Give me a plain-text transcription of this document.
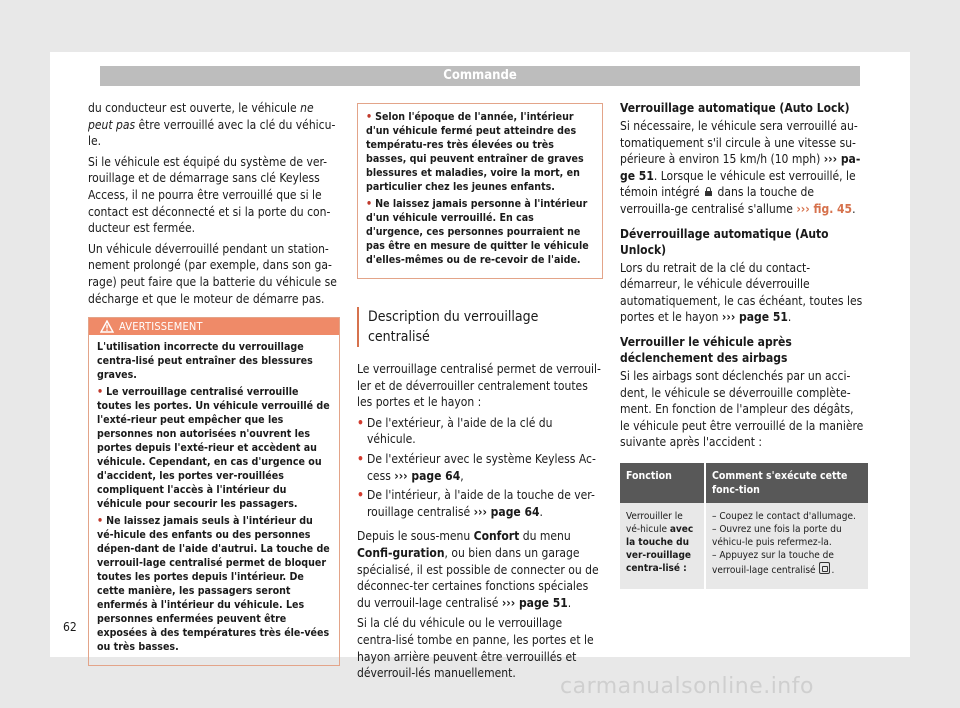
Commande

du conducteur est ouverte, le véhicule ne peut pas être verrouillé avec la clé du véhicu-le.

Si le véhicule est équipé du système de ver-rouillage et de démarrage sans clé Keyless Access, il ne pourra être verrouillé que si le contact est déconnecté et si la porte du con-ducteur est fermée.

Un véhicule déverrouillé pendant un station-nement prolongé (par exemple, dans son ga-rage) peut faire que la batterie du véhicule se décharge et que le moteur de démarre pas.

AVERTISSEMENT

L'utilisation incorrecte du verrouillage centra-lisé peut entraîner des blessures graves.

• Le verrouillage centralisé verrouille toutes les portes. Un véhicule verrouillé de l'exté-rieur peut empêcher que les personnes non autorisées n'ouvrent les portes depuis l'exté-rieur et accèdent au véhicule. Cependant, en cas d'urgence ou d'accident, les portes ver-rouillées compliquent l'accès à l'intérieur du véhicule pour secourir les passagers.

• Ne laissez jamais seuls à l'intérieur du vé-hicule des enfants ou des personnes dépen-dant de l'aide d'autrui. La touche de verrouil-lage centralisé permet de bloquer toutes les portes depuis l'intérieur. De cette manière, les passagers seront enfermés à l'intérieur du véhicule. Les personnes enfermées peuvent être exposées à des températures très éle-vées ou très basses.

• Selon l'époque de l'année, l'intérieur d'un véhicule fermé peut atteindre des températu-res très élevées ou très basses, qui peuvent entraîner de graves blessures et maladies, voire la mort, en particulier chez les jeunes enfants.

• Ne laissez jamais personne à l'intérieur d'un véhicule verrouillé. En cas d'urgence, ces personnes pourraient ne pas être en mesure de quitter le véhicule d'elles-mêmes ou de re-cevoir de l'aide.

Description du verrouillage centralisé

Le verrouillage centralisé permet de verrouil-ler et de déverrouiller centralement toutes les portes et le hayon :

• De l'extérieur, à l'aide de la clé du véhicule.
• De l'extérieur avec le système Keyless Ac-cess ››› page 64,
• De l'intérieur, à l'aide de la touche de ver-rouillage centralisé ››› page 64.

Depuis le sous-menu Confort du menu Confi-guration, ou bien dans un garage spécialisé, il est possible de connecter ou de déconnec-ter certaines fonctions spéciales du verrouil-lage centralisé ››› page 51.

Si la clé du véhicule ou le verrouillage centra-lisé tombe en panne, les portes et le hayon arrière peuvent être verrouillés et déverrouil-lés manuellement.

Verrouillage automatique (Auto Lock)

Si nécessaire, le véhicule sera verrouillé au-tomatiquement s'il circule à une vitesse su-périeure à environ 15 km/h (10 mph) ››› pa-ge 51. Lorsque le véhicule est verrouillé, le témoin intégré  dans la touche de verrouilla-ge centralisé s'allume ››› fig. 45.

Déverrouillage automatique (Auto Unlock)

Lors du retrait de la clé du contact-démarreur, le véhicule déverrouille automatiquement, le cas échéant, toutes les portes et le hayon ››› page 51.

Verrouiller le véhicule après déclenchement des airbags

Si les airbags sont déclenchés par un acci-dent, le véhicule se déverrouille complète-ment. En fonction de l'ampleur des dégâts, le véhicule peut être verrouillé de la manière suivante après l'accident :

Fonction	Comment s'exécute cette fonc-tion
Verrouiller le vé-hicule avec la touche du ver-rouillage centra-lisé :	– Coupez le contact d'allumage.
– Ouvrez une fois la porte du véhicu-le puis refermez-la.
– Appuyez sur la touche de verrouil-lage centralisé .
62
carmanualsonline.info
